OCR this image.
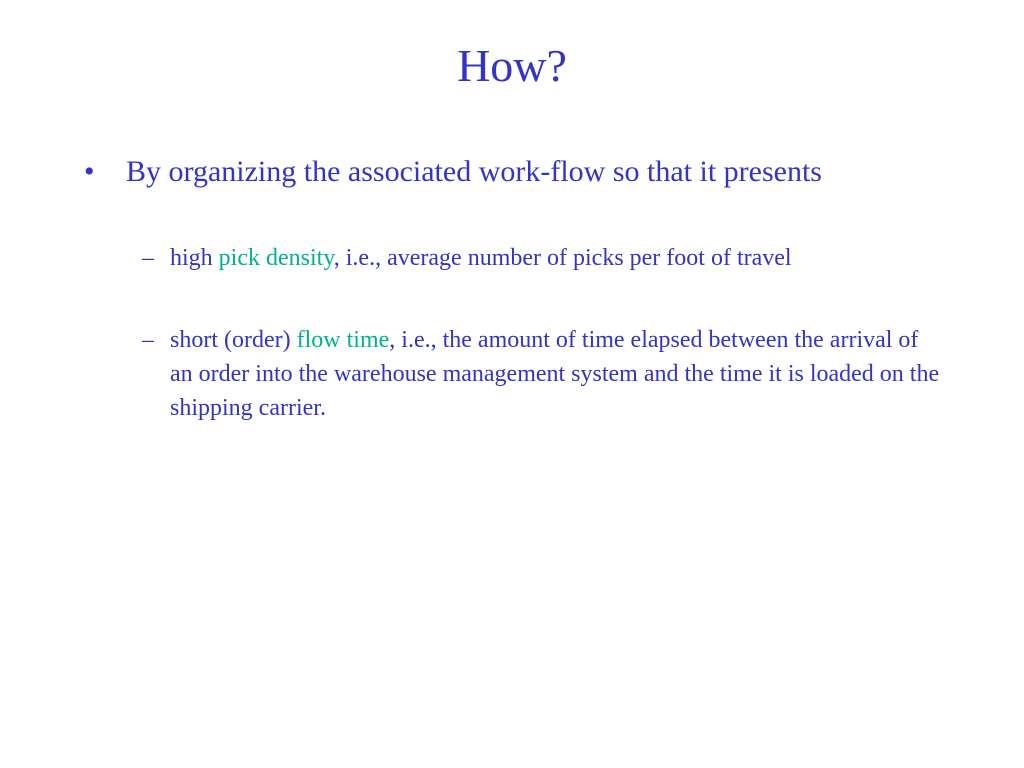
How?
• By organizing the associated work-flow so that it presents
– high pick density, i.e., average number of picks per foot of travel
– short (order) flow time, i.e., the amount of time elapsed between the arrival of an order into the warehouse management system and the time it is loaded on the shipping carrier.
